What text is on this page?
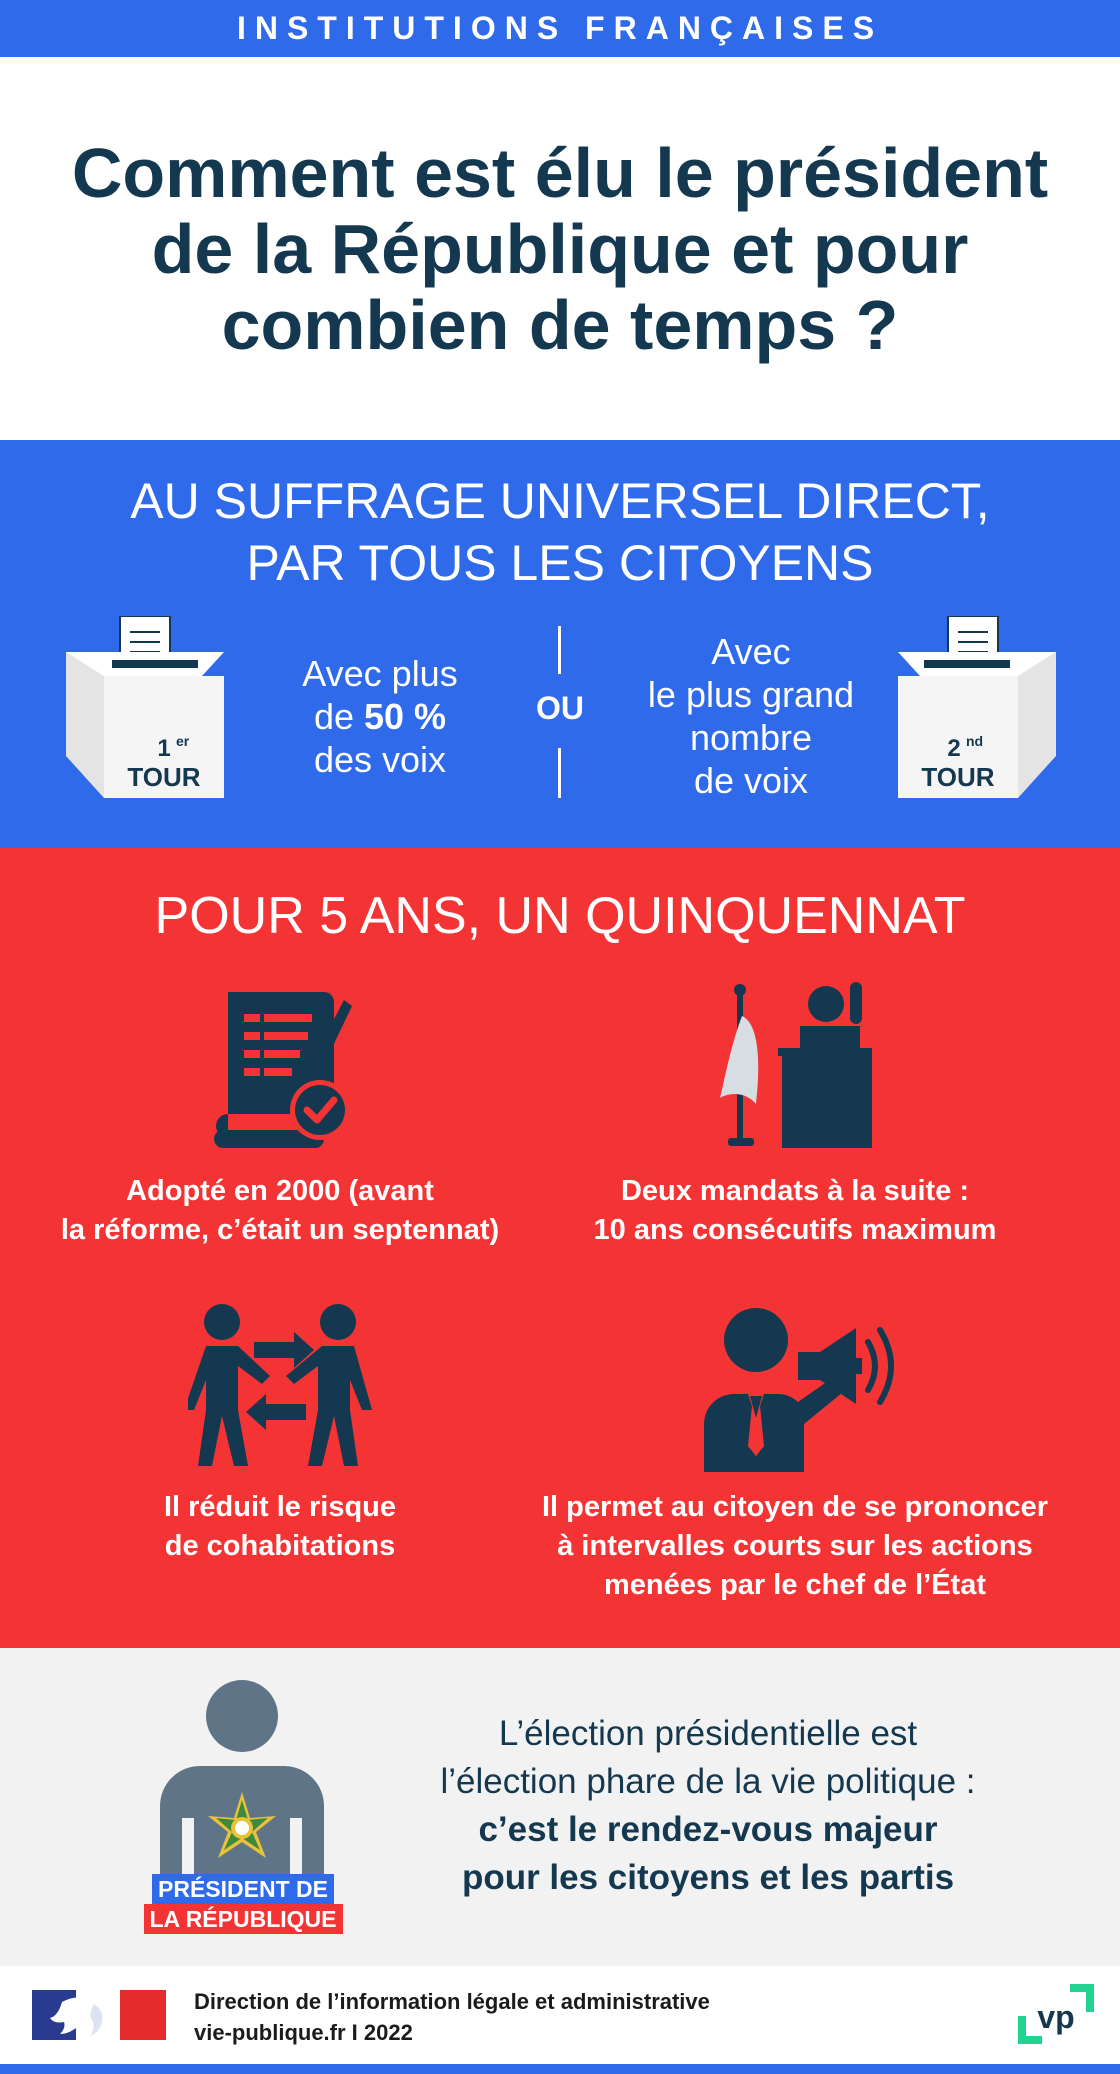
INSTITUTIONS FRANÇAISES
Comment est élu le président de la République et pour combien de temps ?
AU SUFFRAGE UNIVERSEL DIRECT,
PAR TOUS LES CITOYENS
1 er
TOUR
Avec plus
de 50 %
des voix
OU
Avec
le plus grand
nombre
de voix
2 nd
TOUR
POUR 5 ANS, UN QUINQUENNAT
Adopté en 2000 (avant
la réforme, c’était un septennat)
Deux mandats à la suite :
10 ans consécutifs maximum
Il réduit le risque
de cohabitations
Il permet au citoyen de se prononcer
à intervalles courts sur les actions
menées par le chef de l’État
PRÉSIDENT DE
LA RÉPUBLIQUE
L’élection présidentielle est
l’élection phare de la vie politique :
c’est le rendez-vous majeur
pour les citoyens et les partis
Direction de l’information légale et administrative
vie-publique.fr I 2022	vp
